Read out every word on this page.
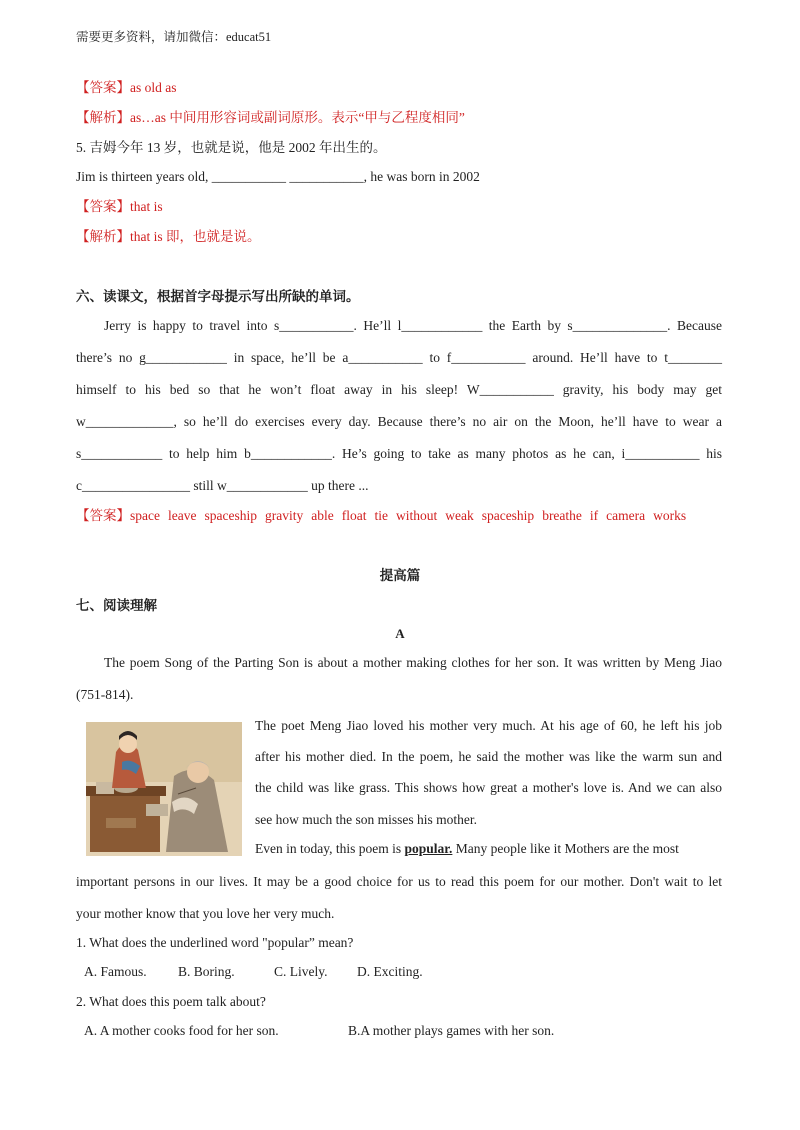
需要更多资料，请加微信：educat51
【答案】as old as
【解析】as…as 中间用形容词或副词原形。表示“甲与乙程度相同”
5. 吉姆今年 13 岁，也就是说，他是 2002 年出生的。
Jim is thirteen years old, ___________ ___________, he was born in 2002
【答案】that is
【解析】that is 即，也就是说。
六、读课文，根据首字母提示写出所缺的单词。
Jerry is happy to travel into s___________. He’ll l____________ the Earth by s______________. Because
there’s no g____________ in space, he’ll be a___________ to f___________ around. He’ll have to t________
himself to his bed so that he won’t float away in his sleep! W___________ gravity, his body may get
w_____________, so he’ll do exercises every day. Because there’s no air on the Moon, he’ll have to wear a
s____________ to help him b____________. He’s going to take as many photos as he can, i___________ his
c________________ still w____________ up there ...
【答案】space leave spaceship gravity able float tie without weak spaceship breathe if camera works
提高篇
七、阅读理解
A
The poem Song of the Parting Son is about a mother making clothes for her son. It was written by Meng Jiao
(751-814).
The poet Meng Jiao loved his mother very much. At his age of 60, he left his job
after his mother died. In the poem, he said the mother was like the warm sun and
the child was like grass. This shows how great a mother's love is. And we can also
see how much the son misses his mother.
Even in today, this poem is popular. Many people like it Mothers are the most
important persons in our lives. It may be a good choice for us to read this poem for our mother. Don't wait to let
your mother know that you love her very much.
1. What does the underlined word "popular” mean?
A. Famous. B. Boring.	C. Lively. D. Exciting.
2. What does this poem talk about?
A. A mother cooks food for her son.	B.A mother plays games with her son.
